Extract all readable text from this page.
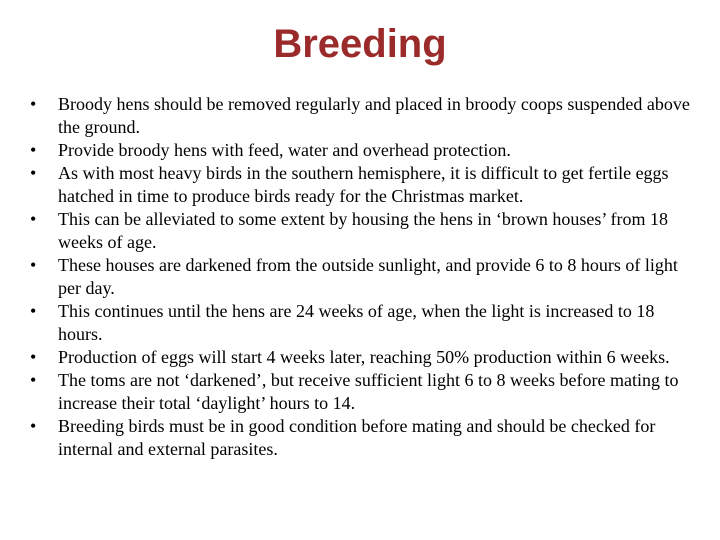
Breeding
•	Broody hens should be removed regularly and placed in broody coops suspended above the ground.
•	Provide broody hens with feed, water and overhead protection.
•	As with most heavy birds in the southern hemisphere, it is difficult to get fertile eggs hatched in time to produce birds ready for the Christmas market.
•	This can be alleviated to some extent by housing the hens in ‘brown houses’ from 18 weeks of age.
•	These houses are darkened from the outside sunlight, and provide 6 to 8 hours of light per day.
•	This continues until the hens are 24 weeks of age, when the light is increased to 18 hours.
•	Production of eggs will start 4 weeks later, reaching 50% production within 6 weeks.
•	The toms are not ‘darkened’, but receive sufficient light 6 to 8 weeks before mating to increase their total ‘daylight’ hours to 14.
•	Breeding birds must be in good condition before mating and should be checked for internal and external parasites.
